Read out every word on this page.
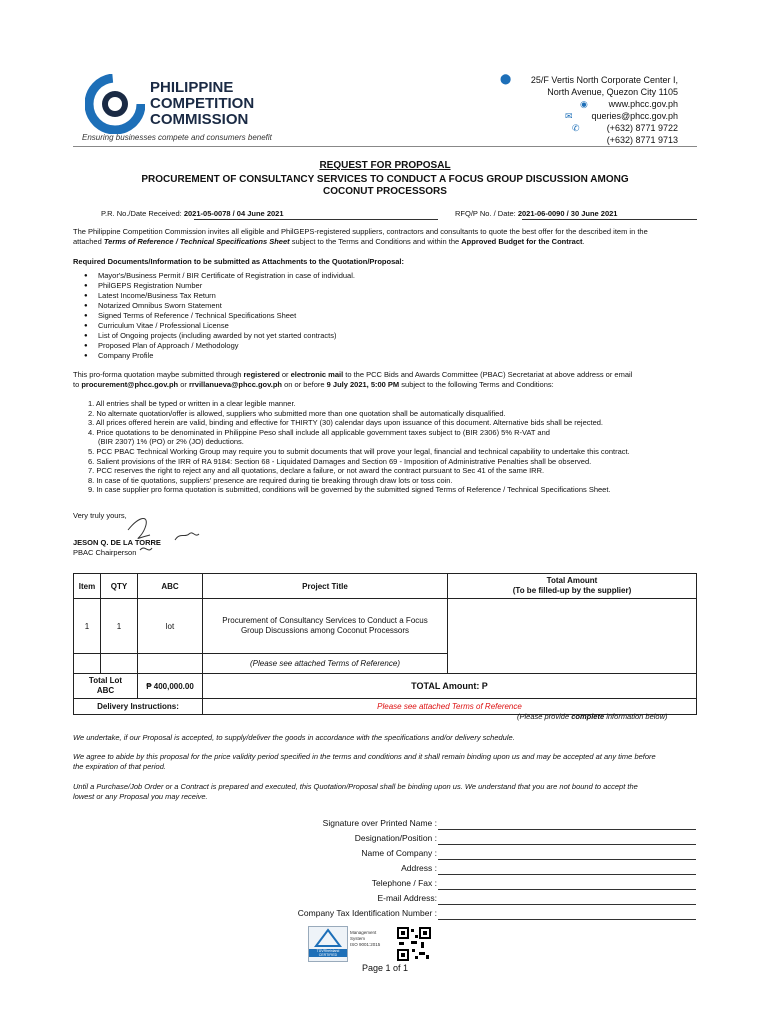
PHILIPPINE
COMPETITION
COMMISSION
Ensuring businesses compete and consumers benefit
⬤ 25/F Vertis North Corporate Center I,
North Avenue, Quezon City 1105
◉ www.phcc.gov.ph
✉ queries@phcc.gov.ph
✆	(+632) 8771 9722
(+632) 8771 9713
REQUEST FOR PROPOSAL
PROCUREMENT OF CONSULTANCY SERVICES TO CONDUCT A FOCUS GROUP DISCUSSION AMONG
COCONUT PROCESSORS
P.R. No./Date Received: 2021-05-0078 / 04 June 2021	RFQ/P No. / Date: 2021-06-0090 / 30 June 2021
The Philippine Competition Commission invites all eligible and PhilGEPS-registered suppliers, contractors and consultants to quote the best offer for the described item in the
attached Terms of Reference / Technical Specifications Sheet subject to the Terms and Conditions and within the Approved Budget for the Contract.
Required Documents/Information to be submitted as Attachments to the Quotation/Proposal:
● Mayor's/Business Permit / BIR Certificate of Registration in case of individual.
● PhilGEPS Registration Number
● Latest Income/Business Tax Return
● Notarized Omnibus Sworn Statement
● Signed Terms of Reference / Technical Specifications Sheet
● Curriculum Vitae / Professional License
● List of Ongoing projects (including awarded by not yet started contracts)
● Proposed Plan of Approach / Methodology
● Company Profile
This pro-forma quotation maybe submitted through registered or electronic mail to the PCC Bids and Awards Committee (PBAC) Secretariat at above address or email
to procurement@phcc.gov.ph or rrvillanueva@phcc.gov.ph on or before 9 July 2021, 5:00 PM subject to the following Terms and Conditions:
1. All entries shall be typed or written in a clear legible manner.
2. No alternate quotation/offer is allowed, suppliers who submitted more than one quotation shall be automatically disqualified.
3. All prices offered herein are valid, binding and effective for THIRTY (30) calendar days upon issuance of this document. Alternative bids shall be rejected.
4. Price quotations to be denominated in Philippine Peso shall include all applicable government taxes subject to (BIR 2306) 5% R-VAT and
(BIR 2307) 1% (PO) or 2% (JO) deductions.
5. PCC PBAC Technical Working Group may require you to submit documents that will prove your legal, financial and technical capability to undertake this contract.
6. Salient provisions of the IRR of RA 9184: Section 68 - Liquidated Damages and Section 69 - Imposition of Administrative Penalties shall be observed.
7. PCC reserves the right to reject any and all quotations, declare a failure, or not award the contract pursuant to Sec 41 of the same IRR.
8. In case of tie quotations, suppliers' presence are required during tie breaking through draw lots or toss coin.
9. In case supplier pro forma quotation is submitted, conditions will be governed by the submitted signed Terms of Reference / Technical Specifications Sheet.
Very truly yours,
JESON Q. DE LA TORRE
PBAC Chairperson
Item	QTY	ABC	Project Title	Total Amount
(To be filled-up by the supplier)

1	1	lot	Procurement of Consultancy Services to Conduct a Focus
Group Discussions among Coconut Processors	

			(Please see attached Terms of Reference)	

Total Lot
ABC		₱ 400,000.00	TOTAL Amount: P	
Delivery Instructions:			Please see attached Terms of Reference	
(Please provide complete information below)
We undertake, if our Proposal is accepted, to supply/deliver the goods in accordance with the specifications and/or delivery schedule.
We agree to abide by this proposal for the price validity period specified in the terms and conditions and it shall remain binding upon us and may be accepted at any time before
the expiration of that period.
Until a Purchase/Job Order or a Contract is prepared and executed, this Quotation/Proposal shall be binding upon us. We understand that you are not bound to accept the
lowest or any Proposal you may receive.
Signature over Printed Name :
Designation/Position :
Name of Company :
Address :
Telephone / Fax :
E-mail Address:
Company Tax Identification Number :
TÜVRheinland CERTIFIED
Management
System
ISO 9001:2015
Page 1 of 1
